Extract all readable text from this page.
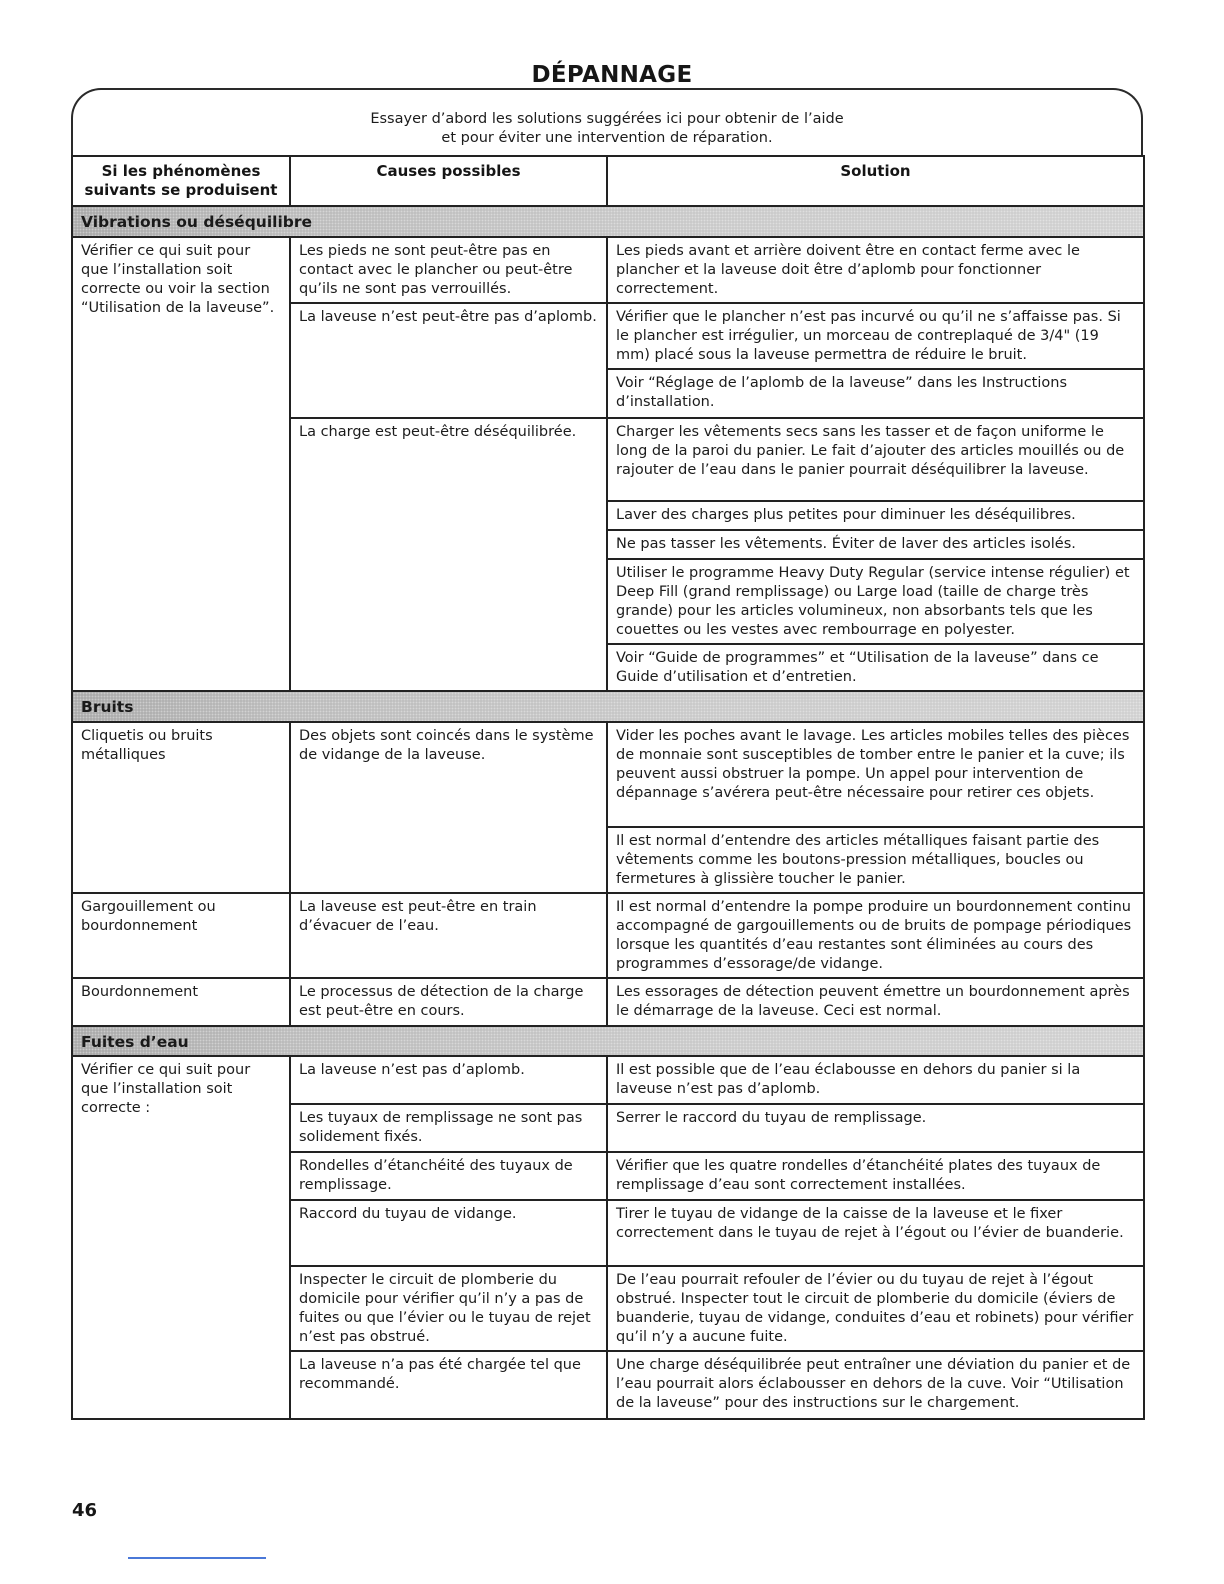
DÉPANNAGE
Essayer d’abord les solutions suggérées ici pour obtenir de l’aide
et pour éviter une intervention de réparation.
Si les phénomènes
suivants se produisent	Causes possibles	Solution
Vibrations ou déséquilibre		
Vérifier ce qui suit pour que l’installation soit correcte ou voir la section “Utilisation de la laveuse”.	Les pieds ne sont peut-être pas en contact avec le plancher ou peut-être qu’ils ne sont pas verrouillés.	Les pieds avant et arrière doivent être en contact ferme avec le plancher et la laveuse doit être d’aplomb pour fonctionner correctement.
	La laveuse n’est peut-être pas d’aplomb.	Vérifier que le plancher n’est pas incurvé ou qu’il ne s’affaisse pas. Si le plancher est irrégulier, un morceau de contreplaqué de 3/4" (19 mm) placé sous la laveuse permettra de réduire le bruit.
		Voir “Réglage de l’aplomb de la laveuse” dans les Instructions d’installation.
	La charge est peut-être déséquilibrée.	Charger les vêtements secs sans les tasser et de façon uniforme le long de la paroi du panier. Le fait d’ajouter des articles mouillés ou de rajouter de l’eau dans le panier pourrait déséquilibrer la laveuse.
		Laver des charges plus petites pour diminuer les déséquilibres.
		Ne pas tasser les vêtements. Éviter de laver des articles isolés.
		Utiliser le programme Heavy Duty Regular (service intense régulier) et Deep Fill (grand remplissage) ou Large load (taille de charge très grande) pour les articles volumineux, non absorbants tels que les couettes ou les vestes avec rembourrage en polyester.
		Voir “Guide de programmes” et “Utilisation de la laveuse” dans ce Guide d’utilisation et d’entretien.
Bruits		
Cliquetis ou bruits métalliques	Des objets sont coincés dans le système de vidange de la laveuse.	Vider les poches avant le lavage. Les articles mobiles telles des pièces de monnaie sont susceptibles de tomber entre le panier et la cuve; ils peuvent aussi obstruer la pompe. Un appel pour intervention de dépannage s’avérera peut-être nécessaire pour retirer ces objets.
		Il est normal d’entendre des articles métalliques faisant partie des vêtements comme les boutons-pression métalliques, boucles ou fermetures à glissière toucher le panier.
Gargouillement ou bourdonnement	La laveuse est peut-être en train d’évacuer de l’eau.	Il est normal d’entendre la pompe produire un bourdonnement continu accompagné de gargouillements ou de bruits de pompage périodiques lorsque les quantités d’eau restantes sont éliminées au cours des programmes d’essorage/de vidange.
Bourdonnement	Le processus de détection de la charge est peut-être en cours.	Les essorages de détection peuvent émettre un bourdonnement après le démarrage de la laveuse. Ceci est normal.
Fuites d’eau		
Vérifier ce qui suit pour que l’installation soit correcte :	La laveuse n’est pas d’aplomb.	Il est possible que de l’eau éclabousse en dehors du panier si la laveuse n’est pas d’aplomb.
	Les tuyaux de remplissage ne sont pas solidement fixés.	Serrer le raccord du tuyau de remplissage.
	Rondelles d’étanchéité des tuyaux de remplissage.	Vérifier que les quatre rondelles d’étanchéité plates des tuyaux de remplissage d’eau sont correctement installées.
	Raccord du tuyau de vidange.	Tirer le tuyau de vidange de la caisse de la laveuse et le fixer correctement dans le tuyau de rejet à l’égout ou l’évier de buanderie.
	Inspecter le circuit de plomberie du domicile pour vérifier qu’il n’y a pas de fuites ou que l’évier ou le tuyau de rejet n’est pas obstrué.	De l’eau pourrait refouler de l’évier ou du tuyau de rejet à l’égout obstrué. Inspecter tout le circuit de plomberie du domicile (éviers de buanderie, tuyau de vidange, conduites d’eau et robinets) pour vérifier qu’il n’y a aucune fuite.
	La laveuse n’a pas été chargée tel que recommandé.	Une charge déséquilibrée peut entraîner une déviation du panier et de l’eau pourrait alors éclabousser en dehors de la cuve. Voir “Utilisation de la laveuse” pour des instructions sur le chargement.
46
